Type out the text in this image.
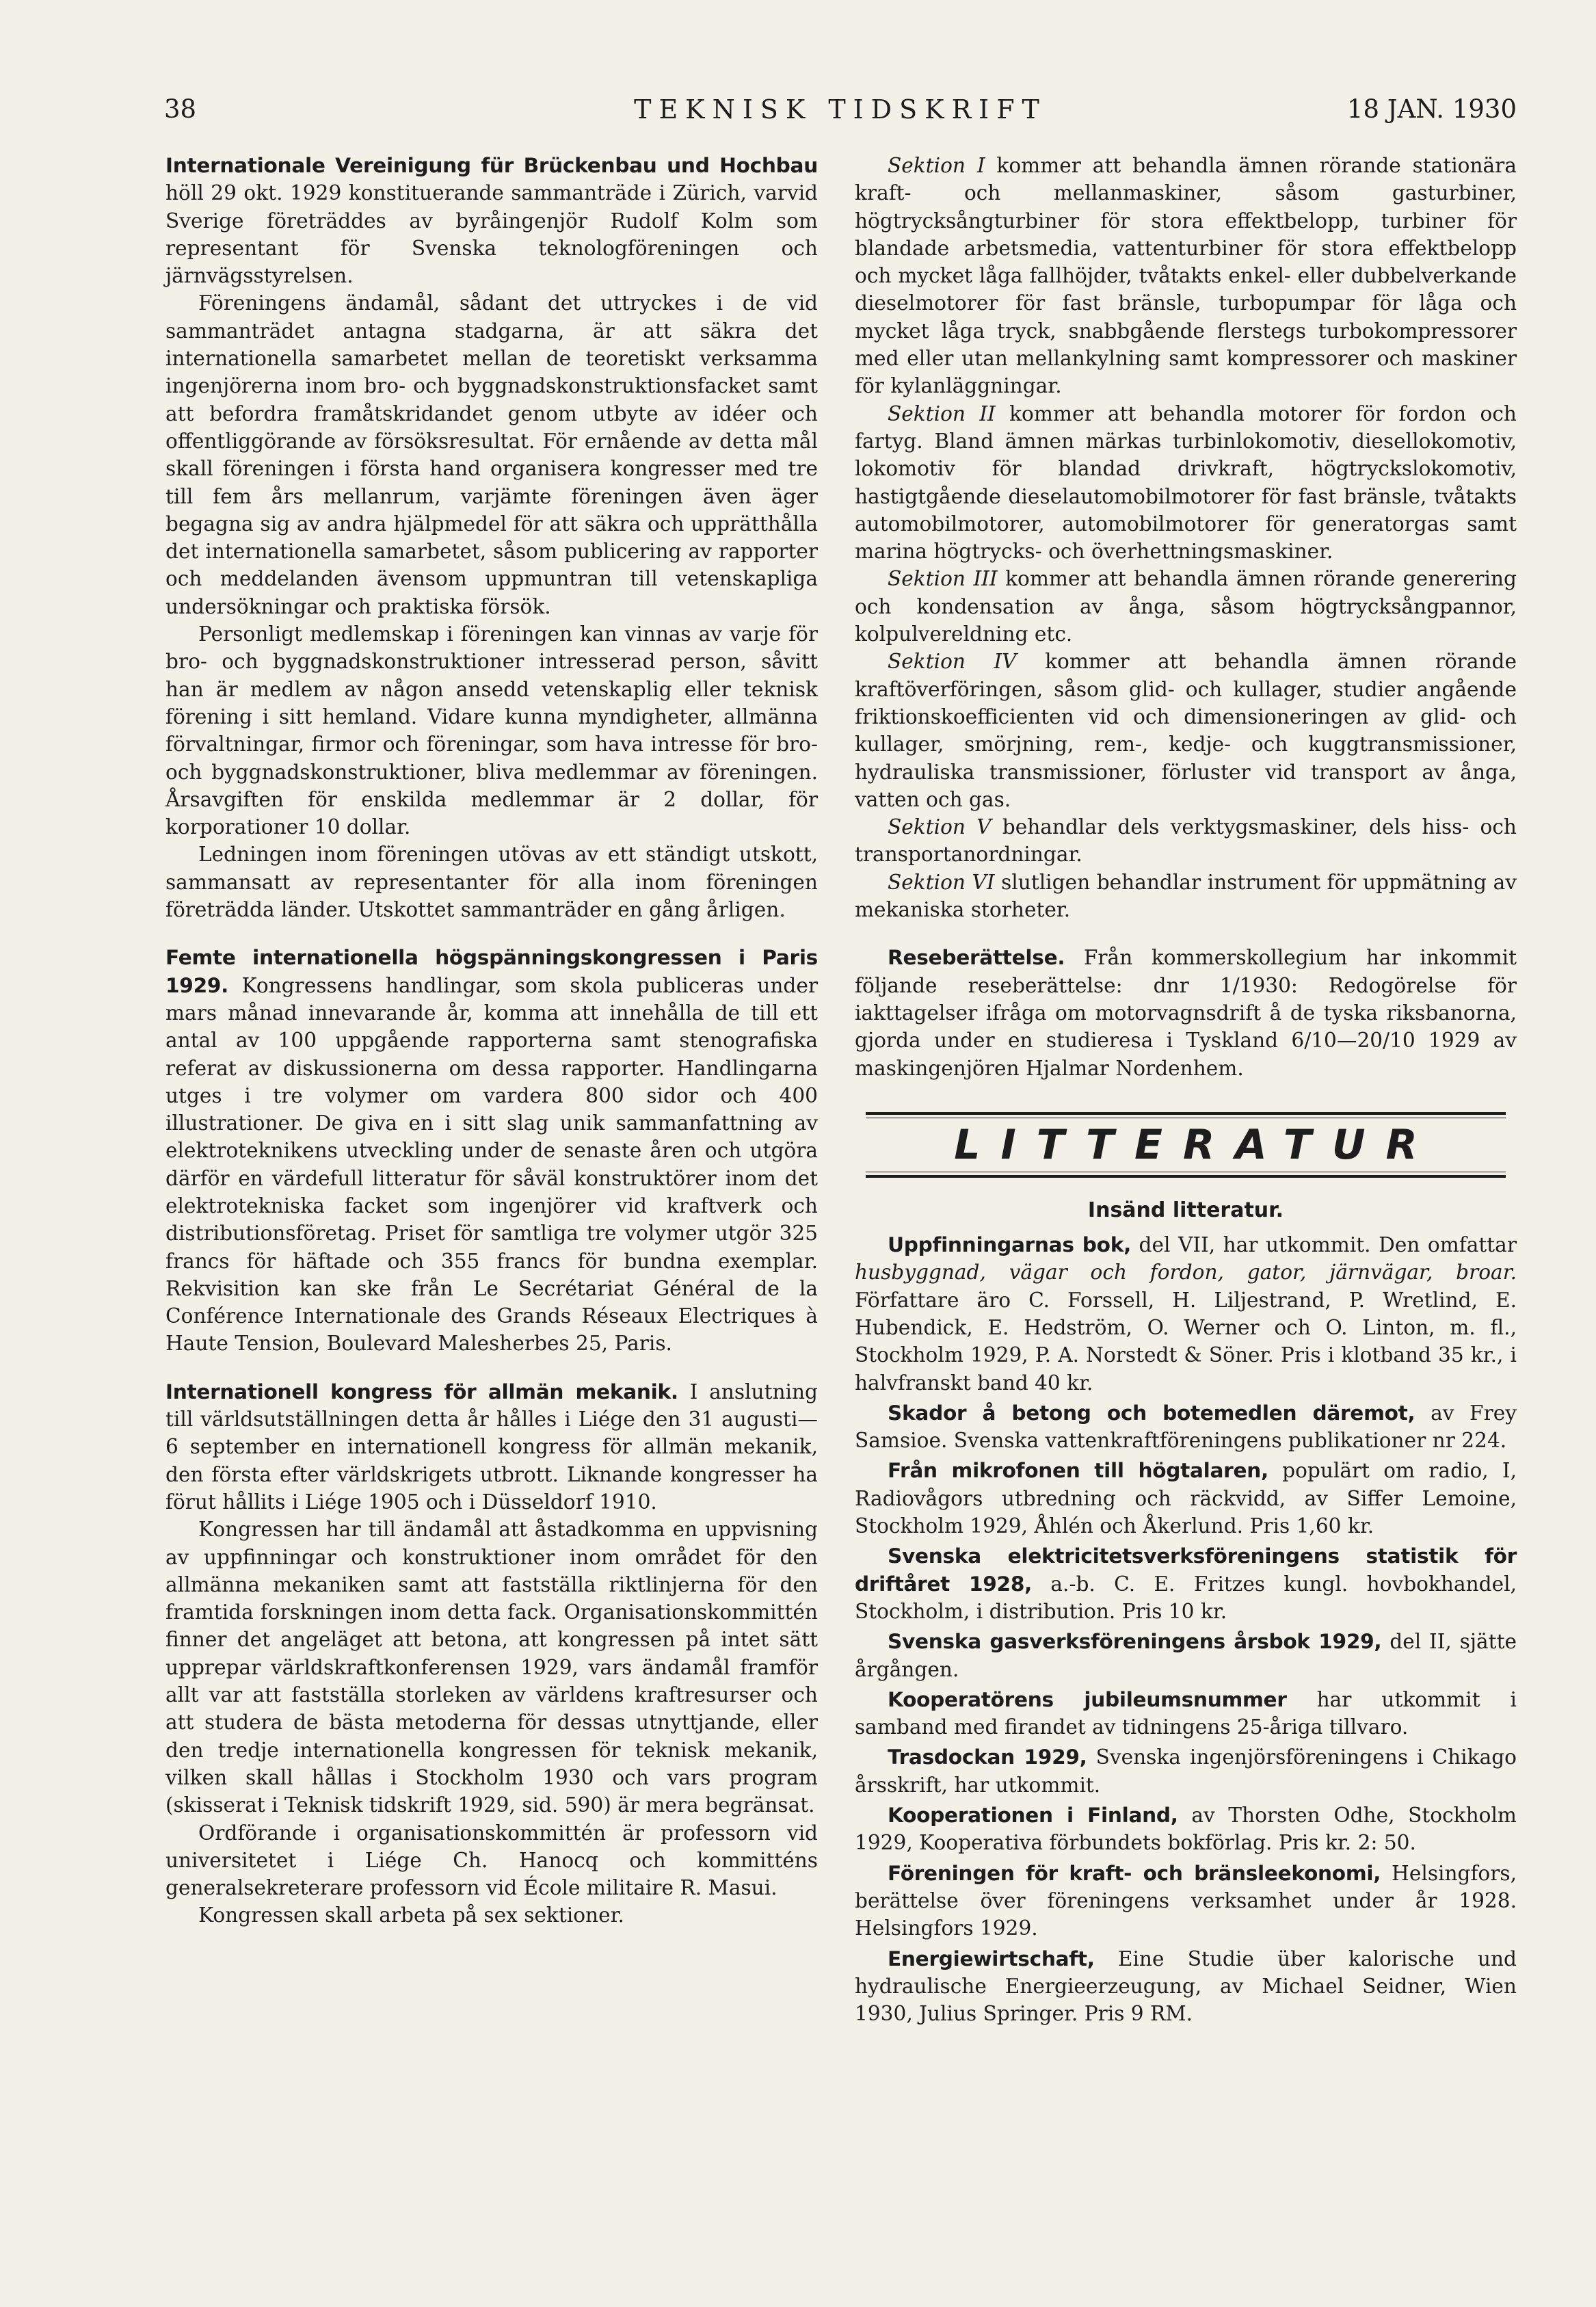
38	TEKNISK TIDSKRIFT	18 JAN. 1930

Internationale Vereinigung für Brückenbau und Hochbau höll 29 okt. 1929 konstituerande sammanträde i Zürich, varvid Sverige företräddes av byråingenjör Rudolf Kolm som representant för Svenska teknologföreningen och järnvägsstyrelsen.

Föreningens ändamål, sådant det uttryckes i de vid sammanträdet antagna stadgarna, är att säkra det internationella samarbetet mellan de teoretiskt verksamma ingenjörerna inom bro- och byggnadskonstruktionsfacket samt att befordra framåtskridandet genom utbyte av idéer och offentliggörande av försöksresultat. För ernående av detta mål skall föreningen i första hand organisera kongresser med tre till fem års mellanrum, varjämte föreningen även äger begagna sig av andra hjälpmedel för att säkra och upprätthålla det internationella samarbetet, såsom publicering av rapporter och meddelanden ävensom uppmuntran till vetenskapliga undersökningar och praktiska försök.

Personligt medlemskap i föreningen kan vinnas av varje för bro- och byggnadskonstruktioner intresserad person, såvitt han är medlem av någon ansedd vetenskaplig eller teknisk förening i sitt hemland. Vidare kunna myndigheter, allmänna förvaltningar, firmor och föreningar, som hava intresse för bro- och byggnadskonstruktioner, bliva medlemmar av föreningen. Årsavgiften för enskilda medlemmar är 2 dollar, för korporationer 10 dollar.

Ledningen inom föreningen utövas av ett ständigt utskott, sammansatt av representanter för alla inom föreningen företrädda länder. Utskottet sammanträder en gång årligen.

Femte internationella högspänningskongressen i Paris 1929. Kongressens handlingar, som skola publiceras under mars månad innevarande år, komma att innehålla de till ett antal av 100 uppgående rapporterna samt stenografiska referat av diskussionerna om dessa rapporter. Handlingarna utges i tre volymer om vardera 800 sidor och 400 illustrationer. De giva en i sitt slag unik sammanfattning av elektroteknikens utveckling under de senaste åren och utgöra därför en värdefull litteratur för såväl konstruktörer inom det elektrotekniska facket som ingenjörer vid kraftverk och distributionsföretag. Priset för samtliga tre volymer utgör 325 francs för häftade och 355 francs för bundna exemplar. Rekvisition kan ske från Le Secrétariat Général de la Conférence Internationale des Grands Réseaux Electriques à Haute Tension, Boulevard Malesherbes 25, Paris.

Internationell kongress för allmän mekanik. I anslutning till världsutställningen detta år hålles i Liége den 31 augusti—6 september en internationell kongress för allmän mekanik, den första efter världskrigets utbrott. Liknande kongresser ha förut hållits i Liége 1905 och i Düsseldorf 1910.

Kongressen har till ändamål att åstadkomma en uppvisning av uppfinningar och konstruktioner inom området för den allmänna mekaniken samt att fastställa riktlinjerna för den framtida forskningen inom detta fack. Organisationskommittén finner det angeläget att betona, att kongressen på intet sätt upprepar världskraftkonferensen 1929, vars ändamål framför allt var att fastställa storleken av världens kraftresurser och att studera de bästa metoderna för dessas utnyttjande, eller den tredje internationella kongressen för teknisk mekanik, vilken skall hållas i Stockholm 1930 och vars program (skisserat i Teknisk tidskrift 1929, sid. 590) är mera begränsat.

Ordförande i organisationskommittén är professorn vid universitetet i Liége Ch. Hanocq och kommitténs generalsekreterare professorn vid École militaire R. Masui.

Kongressen skall arbeta på sex sektioner.

Sektion I kommer att behandla ämnen rörande stationära kraft- och mellanmaskiner, såsom gasturbiner, högtrycksångturbiner för stora effektbelopp, turbiner för blandade arbetsmedia, vattenturbiner för stora effektbelopp och mycket låga fallhöjder, tvåtakts enkel- eller dubbelverkande dieselmotorer för fast bränsle, turbopumpar för låga och mycket låga tryck, snabbgående flerstegs turbokompressorer med eller utan mellankylning samt kompressorer och maskiner för kylanläggningar.

Sektion II kommer att behandla motorer för fordon och fartyg. Bland ämnen märkas turbinlokomotiv, diesellokomotiv, lokomotiv för blandad drivkraft, högtryckslokomotiv, hastigtgående dieselautomobilmotorer för fast bränsle, tvåtakts automobilmotorer, automobilmotorer för generatorgas samt marina högtrycks- och överhettningsmaskiner.

Sektion III kommer att behandla ämnen rörande generering och kondensation av ånga, såsom högtrycksångpannor, kolpulvereldning etc.

Sektion IV kommer att behandla ämnen rörande kraftöverföringen, såsom glid- och kullager, studier angående friktionskoefficienten vid och dimensioneringen av glid- och kullager, smörjning, rem-, kedje- och kuggtransmissioner, hydrauliska transmissioner, förluster vid transport av ånga, vatten och gas.

Sektion V behandlar dels verktygsmaskiner, dels hiss- och transportanordningar.

Sektion VI slutligen behandlar instrument för uppmätning av mekaniska storheter.

Reseberättelse. Från kommerskollegium har inkommit följande reseberättelse: dnr 1/1930: Redogörelse för iakttagelser ifråga om motorvagnsdrift å de tyska riksbanorna, gjorda under en studieresa i Tyskland 6/10—20/10 1929 av maskingenjören Hjalmar Nordenhem.

LITTERATUR
Insänd litteratur.

Uppfinningarnas bok, del VII, har utkommit. Den omfattar husbyggnad, vägar och fordon, gator, järnvägar, broar. Författare äro C. Forssell, H. Liljestrand, P. Wretlind, E. Hubendick, E. Hedström, O. Werner och O. Linton, m. fl., Stockholm 1929, P. A. Norstedt & Söner. Pris i klotband 35 kr., i halvfranskt band 40 kr.

Skador å betong och botemedlen däremot, av Frey Samsioe. Svenska vattenkraftföreningens publikationer nr 224.

Från mikrofonen till högtalaren, populärt om radio, I, Radiovågors utbredning och räckvidd, av Siffer Lemoine, Stockholm 1929, Åhlén och Åkerlund. Pris 1,60 kr.

Svenska elektricitetsverksföreningens statistik för driftåret 1928, a.-b. C. E. Fritzes kungl. hovbokhandel, Stockholm, i distribution. Pris 10 kr.

Svenska gasverksföreningens årsbok 1929, del II, sjätte årgången.

Kooperatörens jubileumsnummer har utkommit i samband med firandet av tidningens 25-åriga tillvaro.

Trasdockan 1929, Svenska ingenjörsföreningens i Chikago årsskrift, har utkommit.

Kooperationen i Finland, av Thorsten Odhe, Stockholm 1929, Kooperativa förbundets bokförlag. Pris kr. 2: 50.

Föreningen för kraft- och bränsleekonomi, Helsingfors, berättelse över föreningens verksamhet under år 1928. Helsingfors 1929.

Energiewirtschaft, Eine Studie über kalorische und hydraulische Energieerzeugung, av Michael Seidner, Wien 1930, Julius Springer. Pris 9 RM.
